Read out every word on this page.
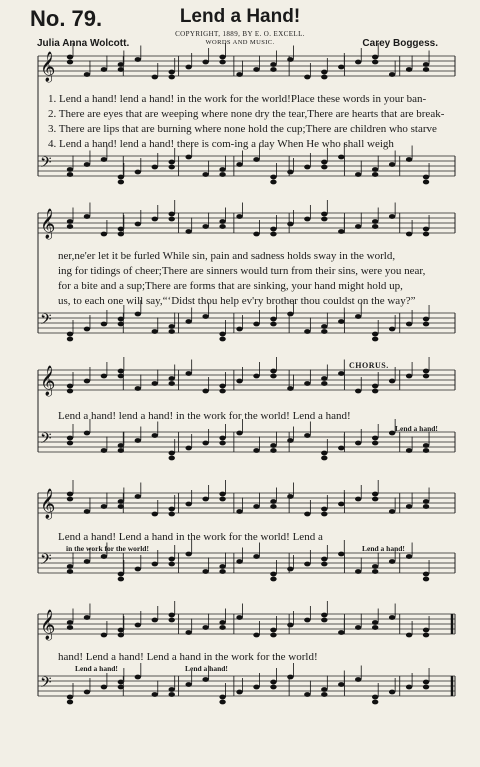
No. 79.	Lend a Hand!
COPYRIGHT, 1889, BY E. O. EXCELL.
WORDS AND MUSIC.
Julia Anna Wolcott.	Carey Boggess.
𝄞
𝄢
𝄞
𝄢
𝄞
𝄢
𝄞
𝄢
𝄞
𝄢
1. Lend a hand! lend a hand! in the work for the world!Place these words in your ban-
2. There are eyes that are weeping where none dry the tear,There are hearts that are break-
3. There are lips that are burning where none hold the cup;There are children who starve
4. Lend a hand! lend a hand! there is com-ing a day When He who shall weigh
ner,ne'er let it be furled While sin, pain and sadness holds sway in the world,
ing for tidings of cheer;There are sinners would turn from their sins, were you near,
for a bite and a sup;There are forms that are sinking, your hand might hold up,
us, to each one will say,“‘Didst thou help ev'ry brother thou couldst on the way?”
CHORUS.
Lend a hand! lend a hand! in the work for the world! Lend a hand!
Lend a hand!
Lend a hand! Lend a hand in the work for the world! Lend a
in the work for the world!	Lend a hand!
hand! Lend a hand! Lend a hand in the work for the world!
Lend a hand!	Lend a hand!
